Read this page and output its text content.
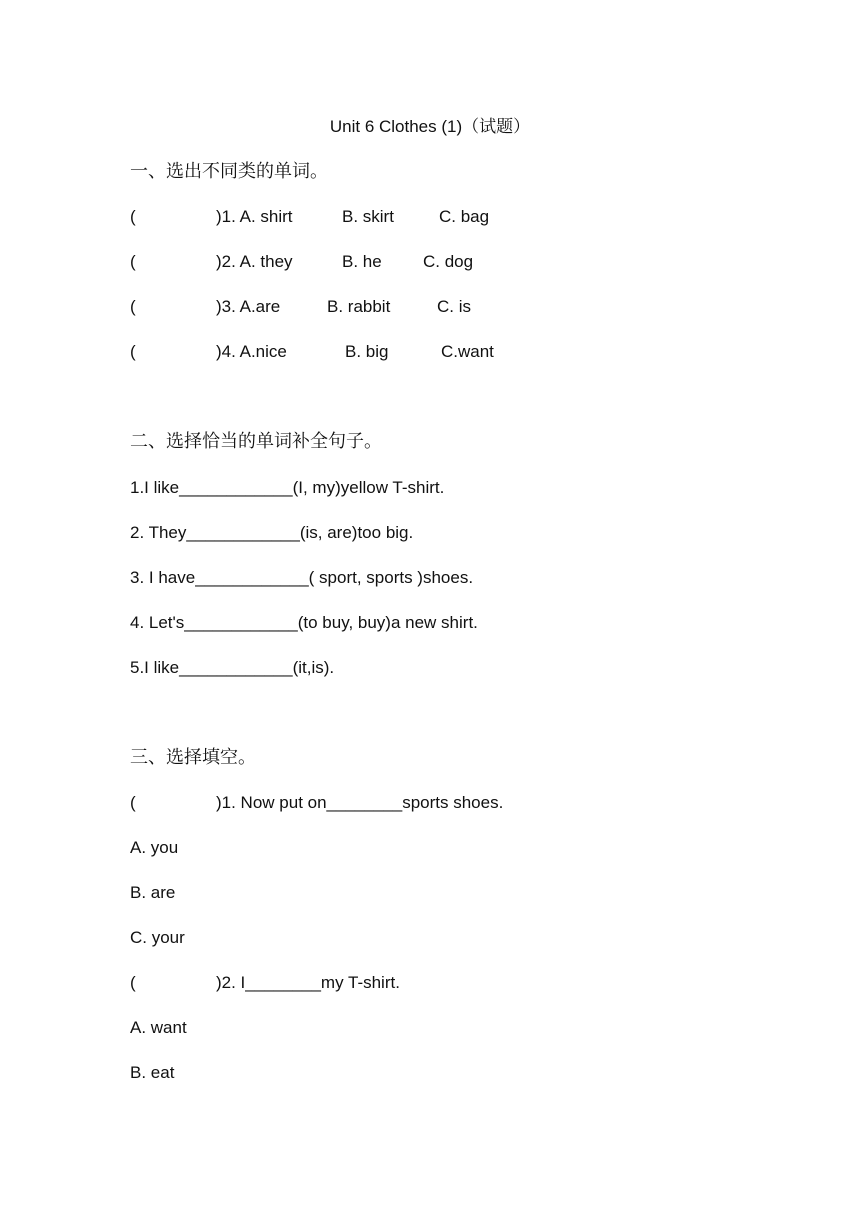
Unit 6 Clothes (1)（试题）
一、选出不同类的单词。
(	)1. A. shirt	B. skirt	C. bag
(	)2. A. they	B. he C. dog
(	)3. A.are	B. rabbit	C. is
(	)4. A.nice	B. big	C.want
二、选择恰当的单词补全句子。
1.I like____________(I, my)yellow T-shirt.
2. They____________(is, are)too big.
3. I have____________( sport, sports )shoes.
4. Let's____________(to buy, buy)a new shirt.
5.I like____________(it,is).
三、选择填空。
(	)1. Now put on________sports shoes.
A. you
B. are
C. your
(	)2. I________my T-shirt.
A. want
B. eat
